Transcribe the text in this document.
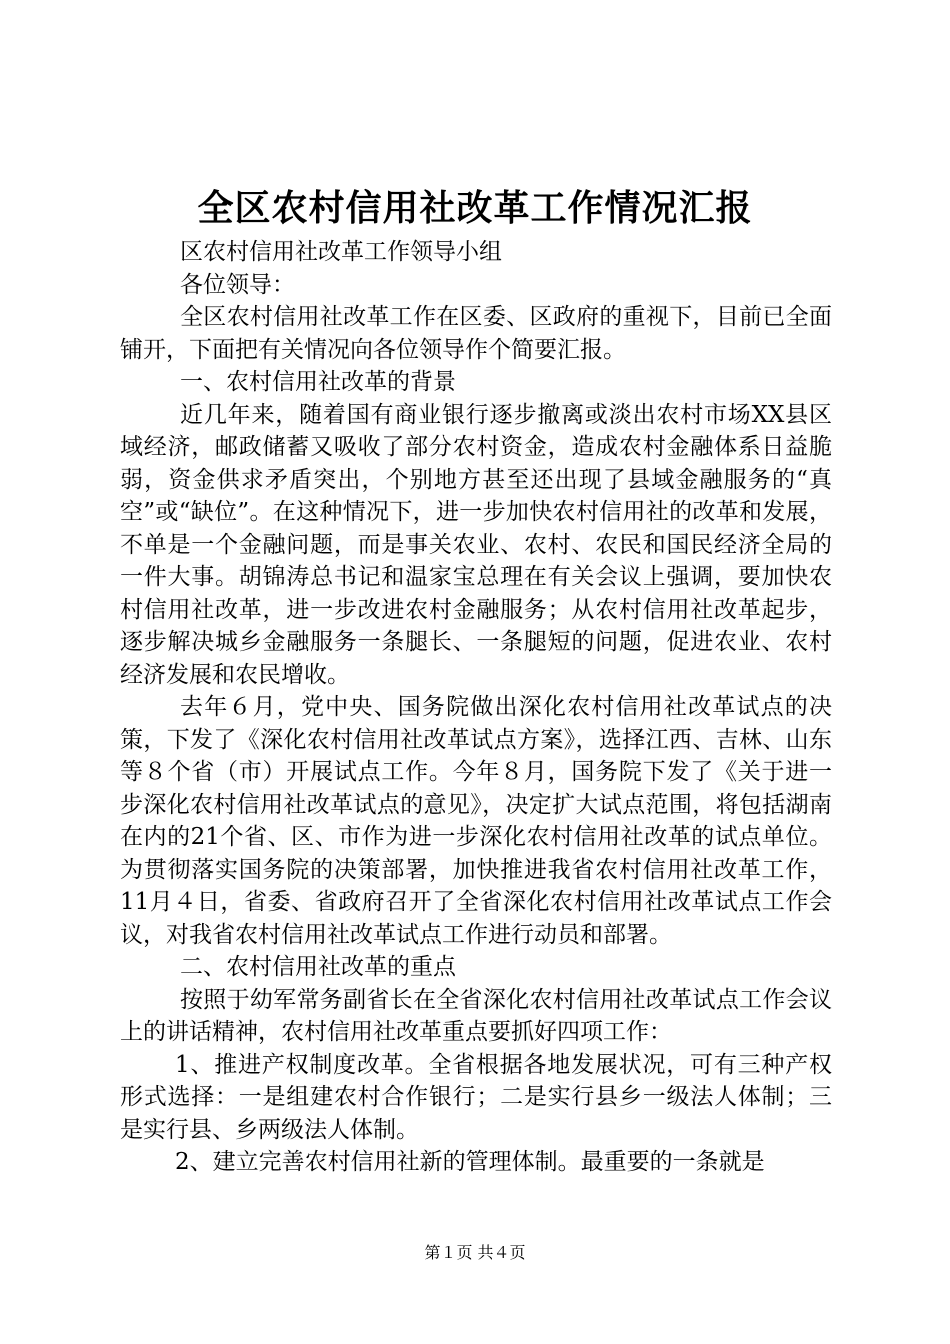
全区农村信用社改革工作情况汇报

区农村信用社改革工作领导小组

各位领导：

全区农村信用社改革工作在区委、区政府的重视下，目前已全面铺开，下面把有关情况向各位领导作个简要汇报。

一、农村信用社改革的背景

近几年来，随着国有商业银行逐步撤离或淡出农村市场XX县区域经济，邮政储蓄又吸收了部分农村资金，造成农村金融体系日益脆弱，资金供求矛盾突出，个别地方甚至还出现了县域金融服务的“真空”或“缺位”。在这种情况下，进一步加快农村信用社的改革和发展，不单是一个金融问题，而是事关农业、农村、农民和国民经济全局的一件大事。胡锦涛总书记和温家宝总理在有关会议上强调，要加快农村信用社改革，进一步改进农村金融服务；从农村信用社改革起步，逐步解决城乡金融服务一条腿长、一条腿短的问题，促进农业、农村经济发展和农民增收。

去年６月，党中央、国务院做出深化农村信用社改革试点的决策，下发了《深化农村信用社改革试点方案》，选择江西、吉林、山东等８个省（市）开展试点工作。今年８月，国务院下发了《关于进一步深化农村信用社改革试点的意见》，决定扩大试点范围，将包括湖南在内的21个省、区、市作为进一步深化农村信用社改革的试点单位。为贯彻落实国务院的决策部署，加快推进我省农村信用社改革工作，11月４日，省委、省政府召开了全省深化农村信用社改革试点工作会议，对我省农村信用社改革试点工作进行动员和部署。

二、农村信用社改革的重点

按照于幼军常务副省长在全省深化农村信用社改革试点工作会议上的讲话精神，农村信用社改革重点要抓好四项工作：

1、推进产权制度改革。全省根据各地发展状况，可有三种产权形式选择：一是组建农村合作银行；二是实行县乡一级法人体制；三是实行县、乡两级法人体制。

2、建立完善农村信用社新的管理体制。最重要的一条就是

第１页 共４页
